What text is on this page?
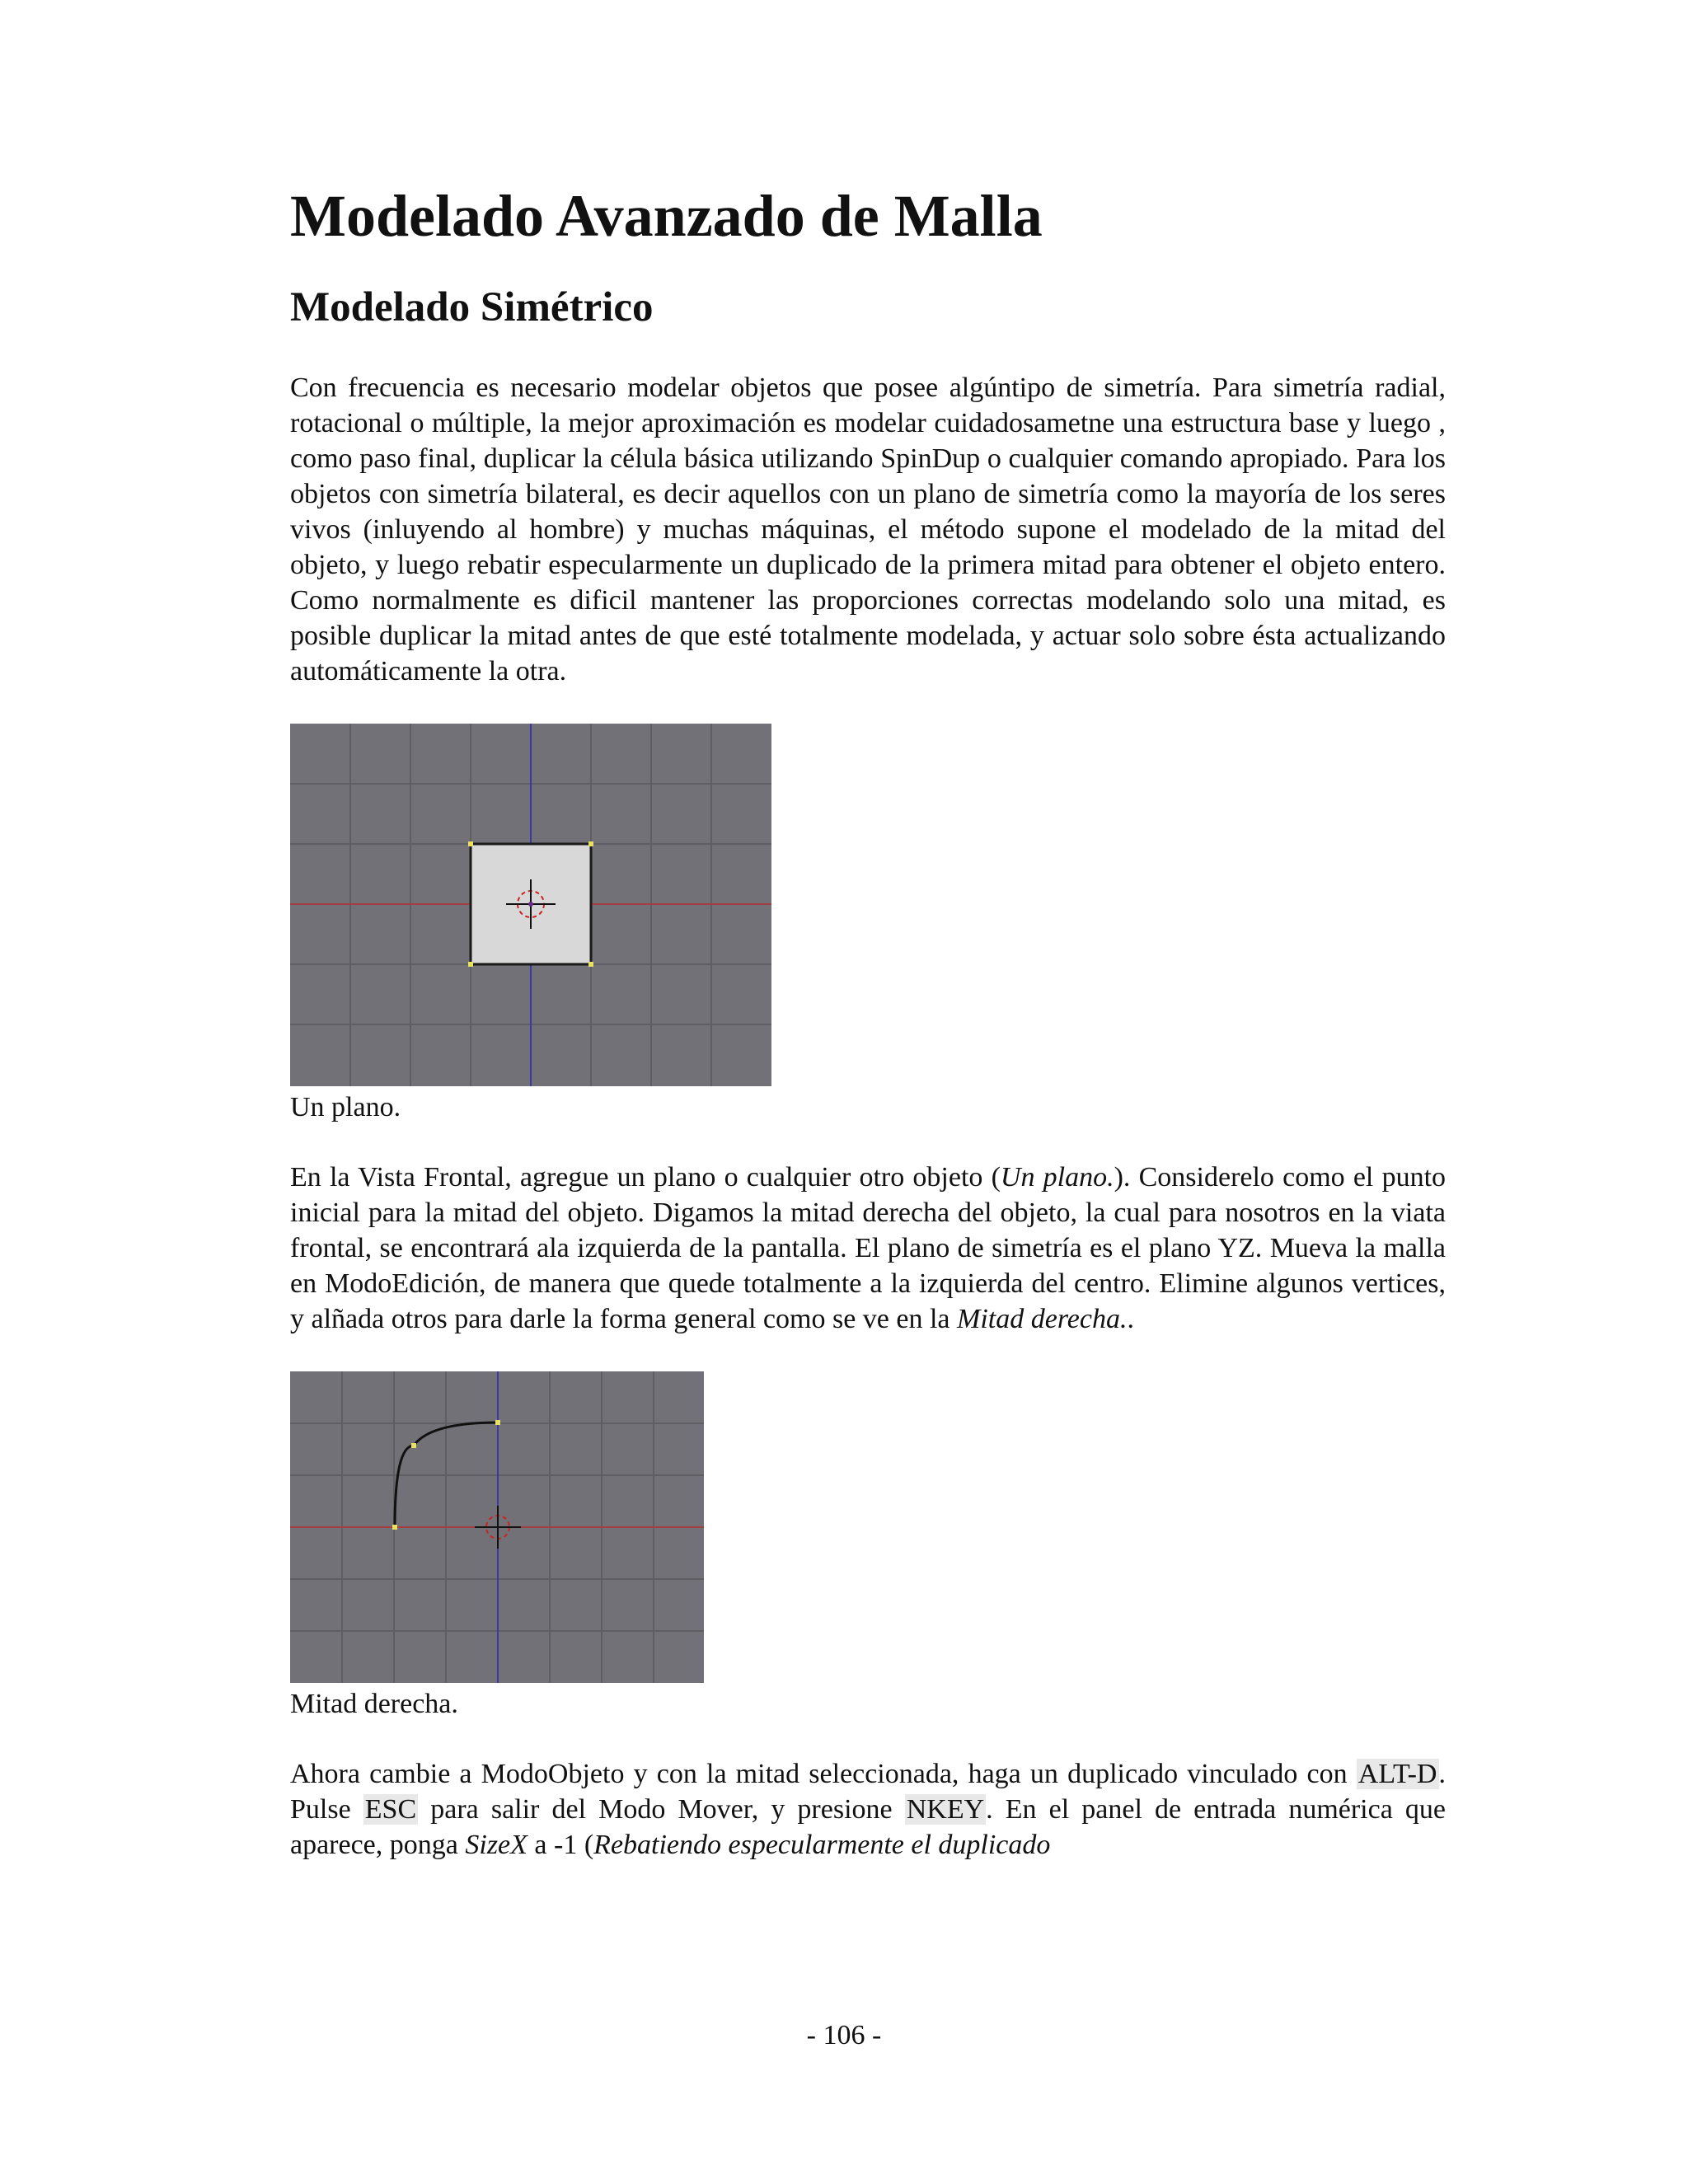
Modelado Avanzado de Malla
Modelado Simétrico

Con frecuencia es necesario modelar objetos que posee algúntipo de simetría. Para simetría radial, rotacional o múltiple, la mejor aproximación es modelar cuidadosametne una estructura base y luego , como paso final, duplicar la célula básica utilizando SpinDup o cualquier comando apropiado. Para los objetos con simetría bilateral, es decir aquellos con un plano de simetría como la mayoría de los seres vivos (inluyendo al hombre) y muchas máquinas, el método supone el modelado de la mitad del objeto, y luego rebatir especularmente un duplicado de la primera mitad para obtener el objeto entero. Como normalmente es dificil mantener las proporciones correctas modelando solo una mitad, es posible duplicar la mitad antes de que esté totalmente modelada, y actuar solo sobre ésta actualizando automáticamente la otra.

Un plano.

En la Vista Frontal, agregue un plano o cualquier otro objeto (Un plano.). Considerelo como el punto inicial para la mitad del objeto. Digamos la mitad derecha del objeto, la cual para nosotros en la viata frontal, se encontrará ala izquierda de la pantalla. El plano de simetría es el plano YZ. Mueva la malla en ModoEdición, de manera que quede totalmente a la izquierda del centro. Elimine algunos vertices, y alñada otros para darle la forma general como se ve en la Mitad derecha..

Mitad derecha.

Ahora cambie a ModoObjeto y con la mitad seleccionada, haga un duplicado vinculado con ALT-D. Pulse ESC para salir del Modo Mover, y presione NKEY. En el panel de entrada numérica que aparece, ponga SizeX a -1 (Rebatiendo especularmente el duplicado

- 106 -
